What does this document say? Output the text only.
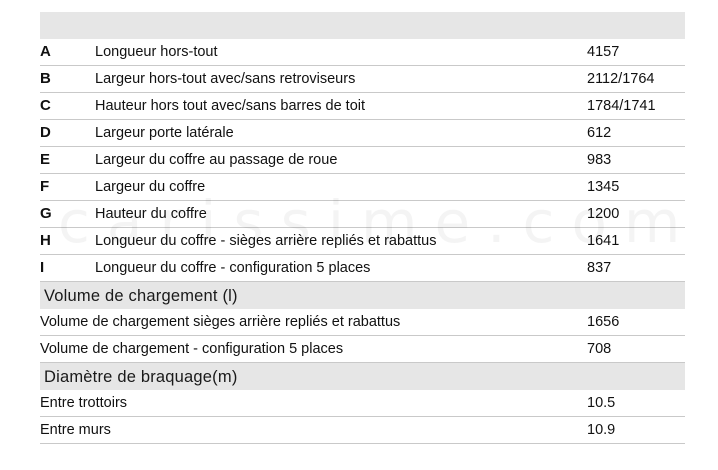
A	Longueur hors-tout	4157
B	Largeur hors-tout avec/sans retroviseurs	2112/1764
C	Hauteur hors tout avec/sans barres de toit	1784/1741
D	Largeur porte latérale	612
E	Largeur du coffre au passage de roue	983
F	Largeur du coffre	1345
G	Hauteur du coffre	1200
H	Longueur du coffre - sièges arrière repliés et rabattus	1641
I	Longueur du coffre - configuration 5 places	837
Volume de chargement (l)
Volume de chargement sièges arrière repliés et rabattus	1656
Volume de chargement - configuration 5 places	708
Diamètre de braquage(m)
Entre trottoirs	10.5
Entre murs	10.9
